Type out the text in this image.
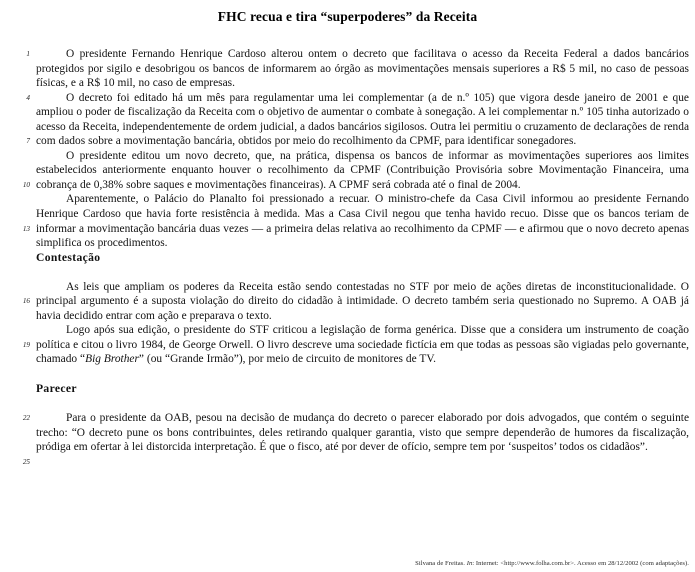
FHC recua e tira “superpoderes” da Receita
1
4
7
10
13
16
19
22
25

O presidente Fernando Henrique Cardoso alterou ontem o decreto que facilitava o acesso da Receita Federal a dados bancários protegidos por sigilo e desobrigou os bancos de informarem ao órgão as movimentações mensais superiores a R$ 5 mil, no caso de pessoas físicas, e a R$ 10 mil, no caso de empresas.

O decreto foi editado há um mês para regulamentar uma lei complementar (a de n.º 105) que vigora desde janeiro de 2001 e que ampliou o poder de fiscalização da Receita com o objetivo de aumentar o combate à sonegação. A lei complementar n.º 105 tinha autorizado o acesso da Receita, independentemente de ordem judicial, a dados bancários sigilosos. Outra lei permitiu o cruzamento de declarações de renda com dados sobre a movimentação bancária, obtidos por meio do recolhimento da CPMF, para identificar sonegadores.

O presidente editou um novo decreto, que, na prática, dispensa os bancos de informar as movimentações superiores aos limites estabelecidos anteriormente enquanto houver o recolhimento da CPMF (Contribuição Provisória sobre Movimentação Financeira, uma cobrança de 0,38% sobre saques e movimentações financeiras). A CPMF será cobrada até o final de 2004.

Aparentemente, o Palácio do Planalto foi pressionado a recuar. O ministro-chefe da Casa Civil informou ao presidente Fernando Henrique Cardoso que havia forte resistência à medida. Mas a Casa Civil negou que tenha havido recuo. Disse que os bancos teriam de informar a movimentação bancária duas vezes — a primeira delas relativa ao recolhimento da CPMF — e afirmou que o novo decreto apenas simplifica os procedimentos.

Contestação

As leis que ampliam os poderes da Receita estão sendo contestadas no STF por meio de ações diretas de inconstitucionalidade. O principal argumento é a suposta violação do direito do cidadão à intimidade. O decreto também seria questionado no Supremo. A OAB já havia decidido entrar com ação e preparava o texto.

Logo após sua edição, o presidente do STF criticou a legislação de forma genérica. Disse que a considera um instrumento de coação política e citou o livro 1984, de George Orwell. O livro descreve uma sociedade fictícia em que todas as pessoas são vigiadas pelo governante, chamado “Big Brother” (ou “Grande Irmão”), por meio de circuito de monitores de TV.

Parecer

Para o presidente da OAB, pesou na decisão de mudança do decreto o parecer elaborado por dois advogados, que contém o seguinte trecho: “O decreto pune os bons contribuintes, deles retirando qualquer garantia, visto que sempre dependerão de humores da fiscalização, pródiga em ofertar à lei distorcida interpretação. É que o fisco, até por dever de ofício, sempre tem por ‘suspeitos’ todos os cidadãos”.

Silvana de Freitas. In: Internet: <http://www.folha.com.br>. Acesso em 28/12/2002 (com adaptações).
